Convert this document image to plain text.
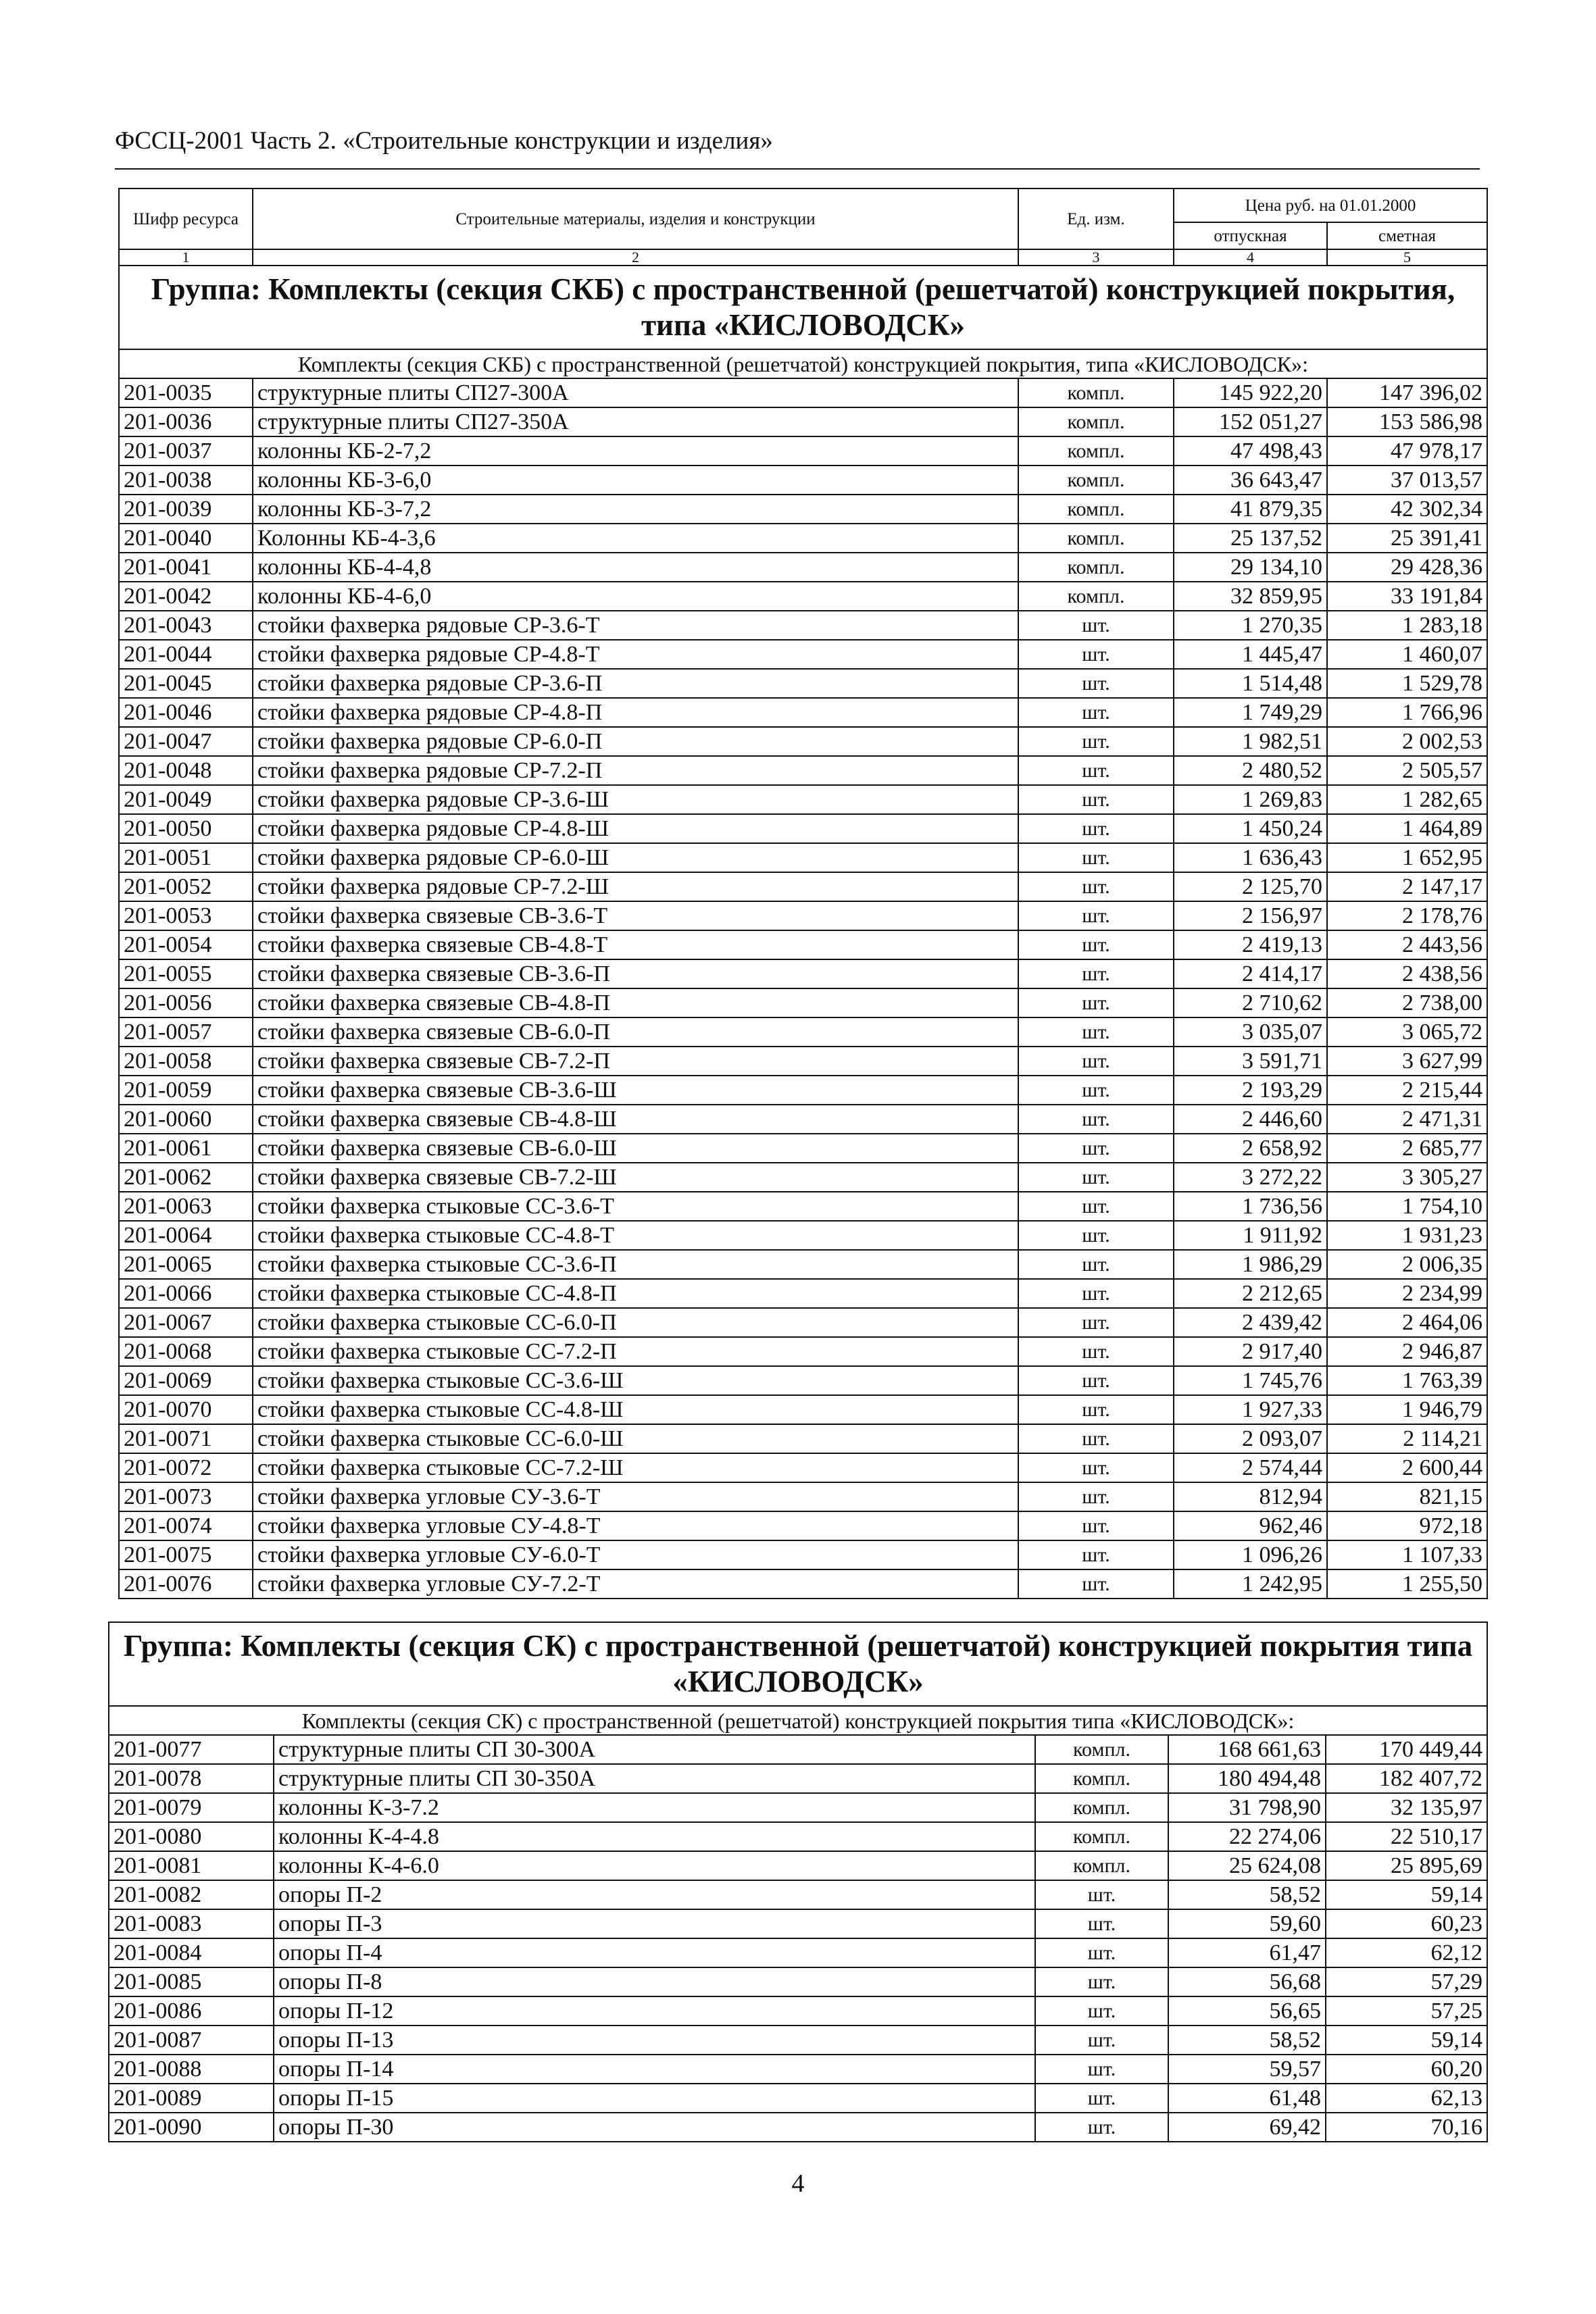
ФССЦ-2001 Часть 2. «Строительные конструкции и изделия»
Шифр ресурса	Строительные материалы, изделия и конструкции	Ед. изм.	Цена руб. на 01.01.2000	
			отпускная	сметная
1	2	3	4	5
Группа: Комплекты (секция СКБ) с пространственной (решетчатой) конструкцией покрытия, типа «КИСЛОВОДСК»				
Комплекты (секция СКБ) с пространственной (решетчатой) конструкцией покрытия, типа «КИСЛОВОДСК»:				
201-0035	структурные плиты СП27-300А	компл.	145 922,20	147 396,02
201-0036	структурные плиты СП27-350А	компл.	152 051,27	153 586,98
201-0037	колонны КБ-2-7,2	компл.	47 498,43	47 978,17
201-0038	колонны КБ-3-6,0	компл.	36 643,47	37 013,57
201-0039	колонны КБ-3-7,2	компл.	41 879,35	42 302,34
201-0040	Колонны КБ-4-3,6	компл.	25 137,52	25 391,41
201-0041	колонны КБ-4-4,8	компл.	29 134,10	29 428,36
201-0042	колонны КБ-4-6,0	компл.	32 859,95	33 191,84
201-0043	стойки фахверка рядовые СР-3.6-Т	шт.	1 270,35	1 283,18
201-0044	стойки фахверка рядовые СР-4.8-Т	шт.	1 445,47	1 460,07
201-0045	стойки фахверка рядовые СР-3.6-П	шт.	1 514,48	1 529,78
201-0046	стойки фахверка рядовые СР-4.8-П	шт.	1 749,29	1 766,96
201-0047	стойки фахверка рядовые СР-6.0-П	шт.	1 982,51	2 002,53
201-0048	стойки фахверка рядовые СР-7.2-П	шт.	2 480,52	2 505,57
201-0049	стойки фахверка рядовые СР-3.6-Ш	шт.	1 269,83	1 282,65
201-0050	стойки фахверка рядовые СР-4.8-Ш	шт.	1 450,24	1 464,89
201-0051	стойки фахверка рядовые СР-6.0-Ш	шт.	1 636,43	1 652,95
201-0052	стойки фахверка рядовые СР-7.2-Ш	шт.	2 125,70	2 147,17
201-0053	стойки фахверка связевые СВ-3.6-Т	шт.	2 156,97	2 178,76
201-0054	стойки фахверка связевые СВ-4.8-Т	шт.	2 419,13	2 443,56
201-0055	стойки фахверка связевые СВ-3.6-П	шт.	2 414,17	2 438,56
201-0056	стойки фахверка связевые СВ-4.8-П	шт.	2 710,62	2 738,00
201-0057	стойки фахверка связевые СВ-6.0-П	шт.	3 035,07	3 065,72
201-0058	стойки фахверка связевые СВ-7.2-П	шт.	3 591,71	3 627,99
201-0059	стойки фахверка связевые СВ-3.6-Ш	шт.	2 193,29	2 215,44
201-0060	стойки фахверка связевые СВ-4.8-Ш	шт.	2 446,60	2 471,31
201-0061	стойки фахверка связевые СВ-6.0-Ш	шт.	2 658,92	2 685,77
201-0062	стойки фахверка связевые СВ-7.2-Ш	шт.	3 272,22	3 305,27
201-0063	стойки фахверка стыковые СС-3.6-Т	шт.	1 736,56	1 754,10
201-0064	стойки фахверка стыковые СС-4.8-Т	шт.	1 911,92	1 931,23
201-0065	стойки фахверка стыковые СС-3.6-П	шт.	1 986,29	2 006,35
201-0066	стойки фахверка стыковые СС-4.8-П	шт.	2 212,65	2 234,99
201-0067	стойки фахверка стыковые СС-6.0-П	шт.	2 439,42	2 464,06
201-0068	стойки фахверка стыковые СС-7.2-П	шт.	2 917,40	2 946,87
201-0069	стойки фахверка стыковые СС-3.6-Ш	шт.	1 745,76	1 763,39
201-0070	стойки фахверка стыковые СС-4.8-Ш	шт.	1 927,33	1 946,79
201-0071	стойки фахверка стыковые СС-6.0-Ш	шт.	2 093,07	2 114,21
201-0072	стойки фахверка стыковые СС-7.2-Ш	шт.	2 574,44	2 600,44
201-0073	стойки фахверка угловые СУ-3.6-Т	шт.	812,94	821,15
201-0074	стойки фахверка угловые СУ-4.8-Т	шт.	962,46	972,18
201-0075	стойки фахверка угловые СУ-6.0-Т	шт.	1 096,26	1 107,33
201-0076	стойки фахверка угловые СУ-7.2-Т	шт.	1 242,95	1 255,50
Группа: Комплекты (секция СК) с пространственной (решетчатой) конструкцией покрытия типа «КИСЛОВОДСК»				
Комплекты (секция СК) с пространственной (решетчатой) конструкцией покрытия типа «КИСЛОВОДСК»:				
201-0077	структурные плиты СП 30-300А	компл.	168 661,63	170 449,44
201-0078	структурные плиты СП 30-350А	компл.	180 494,48	182 407,72
201-0079	колонны К-3-7.2	компл.	31 798,90	32 135,97
201-0080	колонны К-4-4.8	компл.	22 274,06	22 510,17
201-0081	колонны К-4-6.0	компл.	25 624,08	25 895,69
201-0082	опоры П-2	шт.	58,52	59,14
201-0083	опоры П-3	шт.	59,60	60,23
201-0084	опоры П-4	шт.	61,47	62,12
201-0085	опоры П-8	шт.	56,68	57,29
201-0086	опоры П-12	шт.	56,65	57,25
201-0087	опоры П-13	шт.	58,52	59,14
201-0088	опоры П-14	шт.	59,57	60,20
201-0089	опоры П-15	шт.	61,48	62,13
201-0090	опоры П-30	шт.	69,42	70,16
4
